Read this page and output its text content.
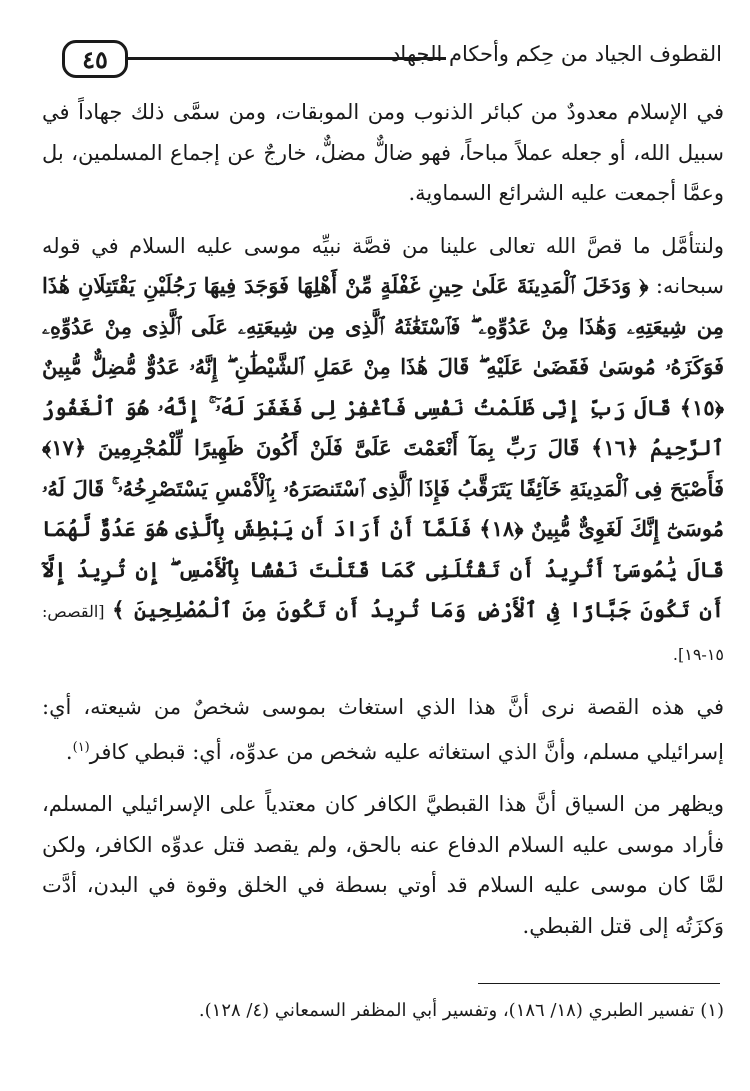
٤٥	القطوف الجياد من حِكم وأحكام الجهاد

في الإسلام معدودٌ من كبائر الذنوب ومن الموبقات، ومن سمَّى ذلك جهاداً في سبيل الله، أو جعله عملاً مباحاً، فهو ضالٌّ مضلٌّ، خارجٌ عن إجماع المسلمين، بل وعمَّا أجمعت عليه الشرائع السماوية.

ولنتأمَّل ما قصَّ الله تعالى علينا من قصَّة نبيِّه موسى عليه السلام في قوله سبحانه: ﴿ وَدَخَلَ ٱلْمَدِينَةَ عَلَىٰ حِينِ غَفْلَةٍ مِّنْ أَهْلِهَا فَوَجَدَ فِيهَا رَجُلَيْنِ يَقْتَتِلَانِ هَٰذَا مِن شِيعَتِهِۦ وَهَٰذَا مِنْ عَدُوِّهِۦ ۖ فَٱسْتَغَٰثَهُ ٱلَّذِى مِن شِيعَتِهِۦ عَلَى ٱلَّذِى مِنْ عَدُوِّهِۦ فَوَكَزَهُۥ مُوسَىٰ فَقَضَىٰ عَلَيْهِ ۖ قَالَ هَٰذَا مِنْ عَمَلِ ٱلشَّيْطَٰنِ ۖ إِنَّهُۥ عَدُوٌّ مُّضِلٌّ مُّبِينٌ ﴿١٥﴾ قَالَ رَبِّ إِنِّى ظَلَمْتُ نَفْسِى فَٱغْفِرْ لِى فَغَفَرَ لَهُۥٓ ۚ إِنَّهُۥ هُوَ ٱلْغَفُورُ ٱلرَّحِيمُ ﴿١٦﴾ قَالَ رَبِّ بِمَآ أَنْعَمْتَ عَلَىَّ فَلَنْ أَكُونَ ظَهِيرًا لِّلْمُجْرِمِينَ ﴿١٧﴾ فَأَصْبَحَ فِى ٱلْمَدِينَةِ خَآئِفًا يَتَرَقَّبُ فَإِذَا ٱلَّذِى ٱسْتَنصَرَهُۥ بِٱلْأَمْسِ يَسْتَصْرِخُهُۥ ۚ قَالَ لَهُۥ مُوسَىٰٓ إِنَّكَ لَغَوِىٌّ مُّبِينٌ ﴿١٨﴾ فَلَمَّآ أَنْ أَرَادَ أَن يَبْطِشَ بِٱلَّذِى هُوَ عَدُوٌّ لَّهُمَا قَالَ يَٰمُوسَىٰٓ أَتُرِيدُ أَن تَقْتُلَنِى كَمَا قَتَلْتَ نَفْسًۢا بِٱلْأَمْسِ ۖ إِن تُرِيدُ إِلَّآ أَن تَكُونَ جَبَّارًا فِى ٱلْأَرْضِ وَمَا تُرِيدُ أَن تَكُونَ مِنَ ٱلْمُصْلِحِينَ ﴾ [القصص: ١٥-١٩].

في هذه القصة نرى أنَّ هذا الذي استغاث بموسى شخصٌ من شيعته، أي: إسرائيلي مسلم، وأنَّ الذي استغاثه عليه شخص من عدوِّه، أي: قبطي كافر$^{(١)}$.

ويظهر من السياق أنَّ هذا القبطيَّ الكافر كان معتدياً على الإسرائيلي المسلم، فأراد موسى عليه السلام الدفاع عنه بالحق، ولم يقصد قتل عدوِّه الكافر، ولكن لمَّا كان موسى عليه السلام قد أوتي بسطة في الخلق وقوة في البدن، أدَّت وَكزَتُه إلى قتل القبطي.

(١) تفسير الطبري (١٨/ ١٨٦)، وتفسير أبي المظفر السمعاني (٤/ ١٢٨).
